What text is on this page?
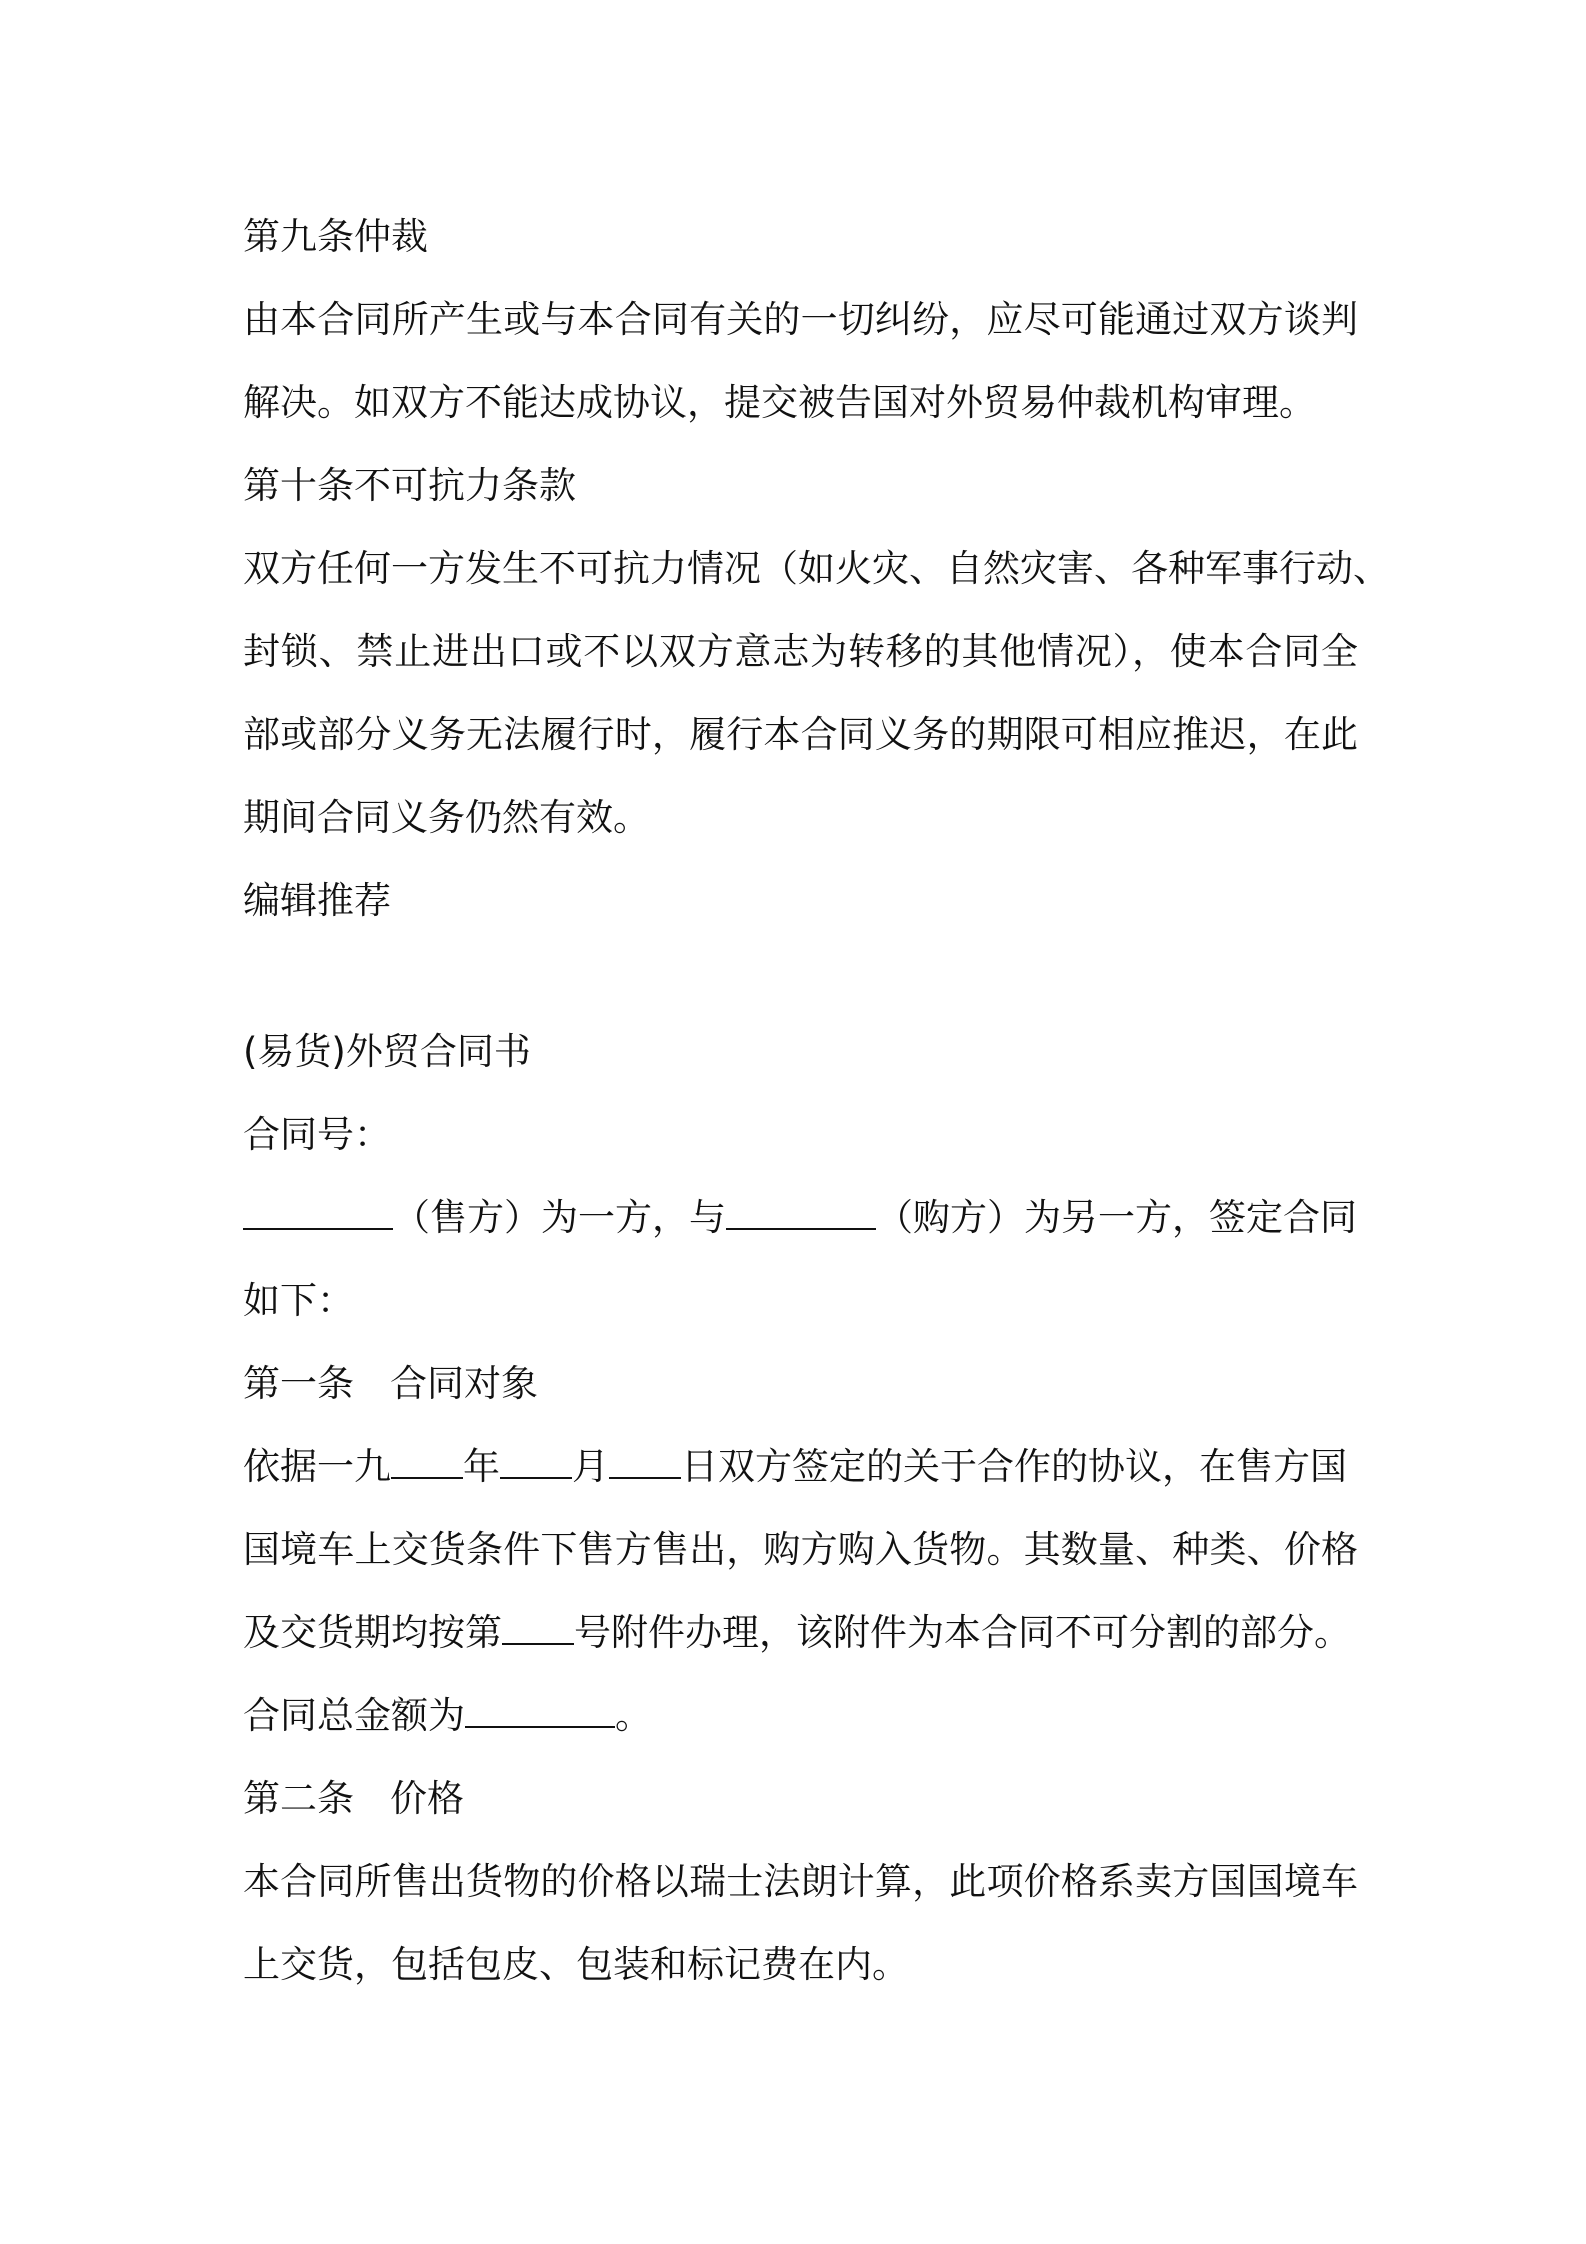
第九条仲裁
由本合同所产生或与本合同有关的一切纠纷，应尽可能通过双方谈判
解决。如双方不能达成协议，提交被告国对外贸易仲裁机构审理。
第十条不可抗力条款
双方任何一方发生不可抗力情况（如火灾、自然灾害、各种军事行动、
封锁、禁止进出口或不以双方意志为转移的其他情况），使本合同全
部或部分义务无法履行时，履行本合同义务的期限可相应推迟，在此
期间合同义务仍然有效。
编辑推荐
(易货)外贸合同书
合同号：
（售方）为一方，与	（购方）为另一方，签定合同
如下：
第一条 合同对象
依据一九 年 月 日双方签定的关于合作的协议，在售方国
国境车上交货条件下售方售出，购方购入货物。其数量、种类、价格
及交货期均按第 号附件办理，该附件为本合同不可分割的部分。
合同总金额为	。
第二条 价格
本合同所售出货物的价格以瑞士法朗计算，此项价格系卖方国国境车
上交货，包括包皮、包装和标记费在内。
